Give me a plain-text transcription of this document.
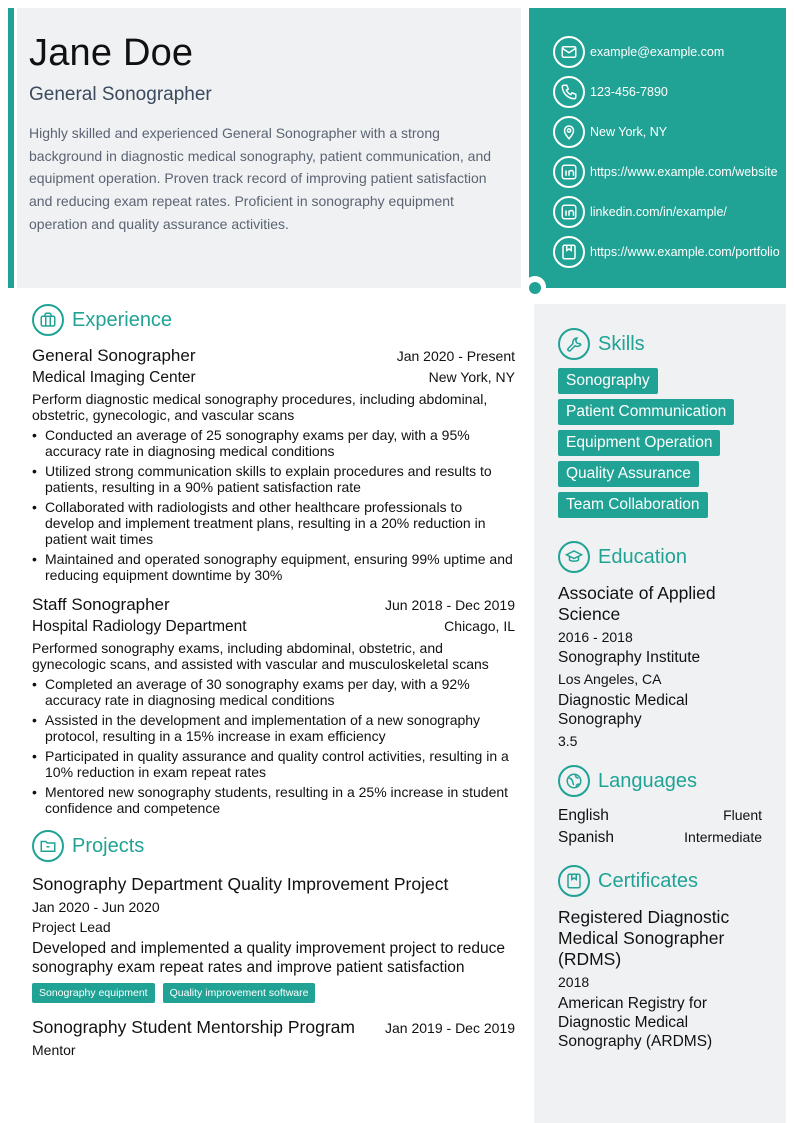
Jane Doe
General Sonographer
Highly skilled and experienced General Sonographer with a strong background in diagnostic medical sonography, patient communication, and equipment operation. Proven track record of improving patient satisfaction and reducing exam repeat rates. Proficient in sonography equipment operation and quality assurance activities.
example@example.com
123-456-7890
New York, NY
https://www.example.com/website
linkedin.com/in/example/
https://www.example.com/portfolio
Experience
General Sonographer	Jan 2020 - Present
Medical Imaging Center	New York, NY
Perform diagnostic medical sonography procedures, including abdominal, obstetric, gynecologic, and vascular scans
• Conducted an average of 25 sonography exams per day, with a 95% accuracy rate in diagnosing medical conditions
• Utilized strong communication skills to explain procedures and results to patients, resulting in a 90% patient satisfaction rate
• Collaborated with radiologists and other healthcare professionals to develop and implement treatment plans, resulting in a 20% reduction in patient wait times
• Maintained and operated sonography equipment, ensuring 99% uptime and reducing equipment downtime by 30%
Staff Sonographer	Jun 2018 - Dec 2019
Hospital Radiology Department	Chicago, IL
Performed sonography exams, including abdominal, obstetric, and gynecologic scans, and assisted with vascular and musculoskeletal scans
• Completed an average of 30 sonography exams per day, with a 92% accuracy rate in diagnosing medical conditions
• Assisted in the development and implementation of a new sonography protocol, resulting in a 15% increase in exam efficiency
• Participated in quality assurance and quality control activities, resulting in a 10% reduction in exam repeat rates
• Mentored new sonography students, resulting in a 25% increase in student confidence and competence
Projects
Sonography Department Quality Improvement Project
Jan 2020 - Jun 2020
Project Lead
Developed and implemented a quality improvement project to reduce sonography exam repeat rates and improve patient satisfaction
Sonography equipment	Quality improvement software
Sonography Student Mentorship Program Jan 2019 - Dec 2019
Mentor
Skills
Sonography
Patient Communication
Equipment Operation
Quality Assurance
Team Collaboration
Education
Associate of Applied Science
2016 - 2018
Sonography Institute
Los Angeles, CA
Diagnostic Medical Sonography
3.5
Languages
English	Fluent
Spanish	Intermediate
Certificates
Registered Diagnostic Medical Sonographer (RDMS)
2018
American Registry for Diagnostic Medical Sonography (ARDMS)
